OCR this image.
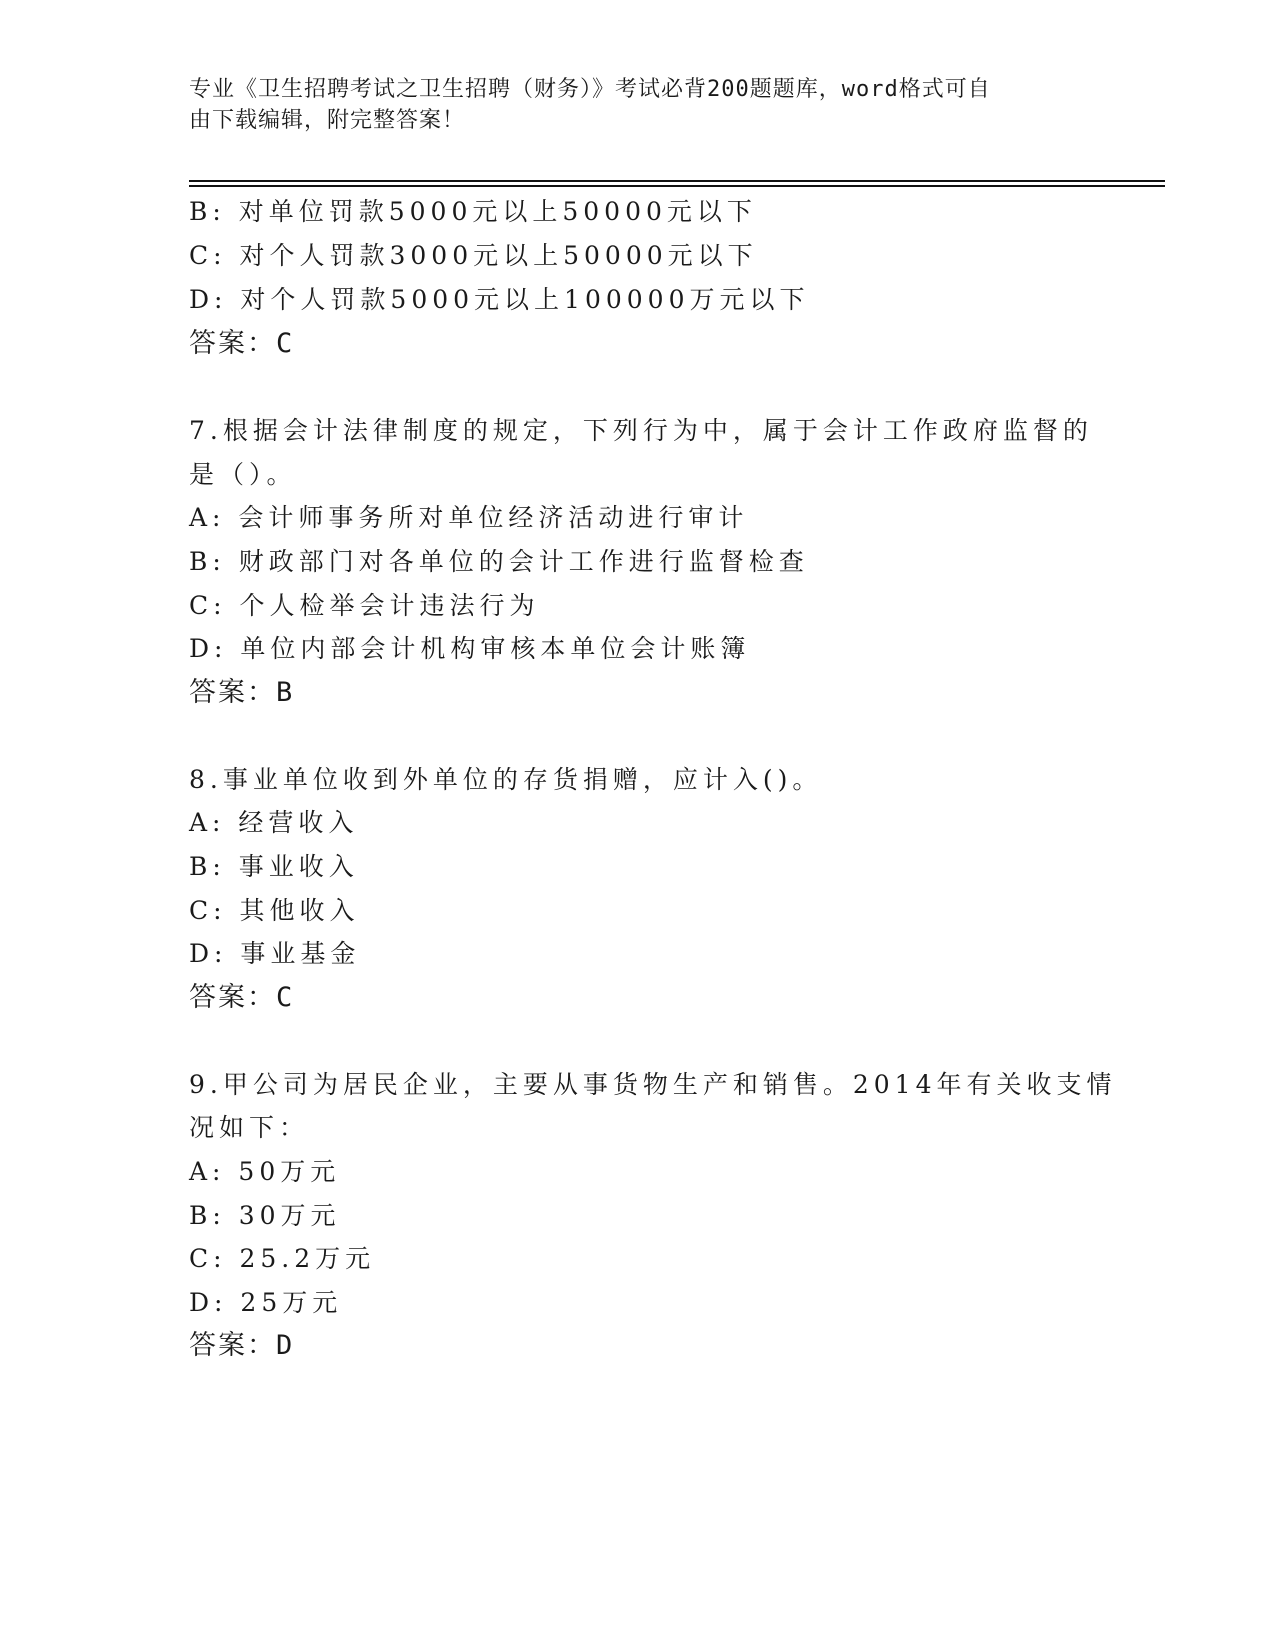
专业《卫生招聘考试之卫生招聘（财务）》考试必背200题题库，word格式可自
由下载编辑，附完整答案！
B: 对单位罚款5000元以上50000元以下
C: 对个人罚款3000元以上50000元以下
D: 对个人罚款5000元以上100000万元以下
答案：C
7.根据会计法律制度的规定，下列行为中，属于会计工作政府监督的
是（）。
A: 会计师事务所对单位经济活动进行审计
B: 财政部门对各单位的会计工作进行监督检查
C: 个人检举会计违法行为
D: 单位内部会计机构审核本单位会计账簿
答案：B
8.事业单位收到外单位的存货捐赠，应计入()。
A: 经营收入
B: 事业收入
C: 其他收入
D: 事业基金
答案：C
9.甲公司为居民企业，主要从事货物生产和销售。2014年有关收支情
况如下：
A: 50万元
B: 30万元
C: 25.2万元
D: 25万元
答案：D
